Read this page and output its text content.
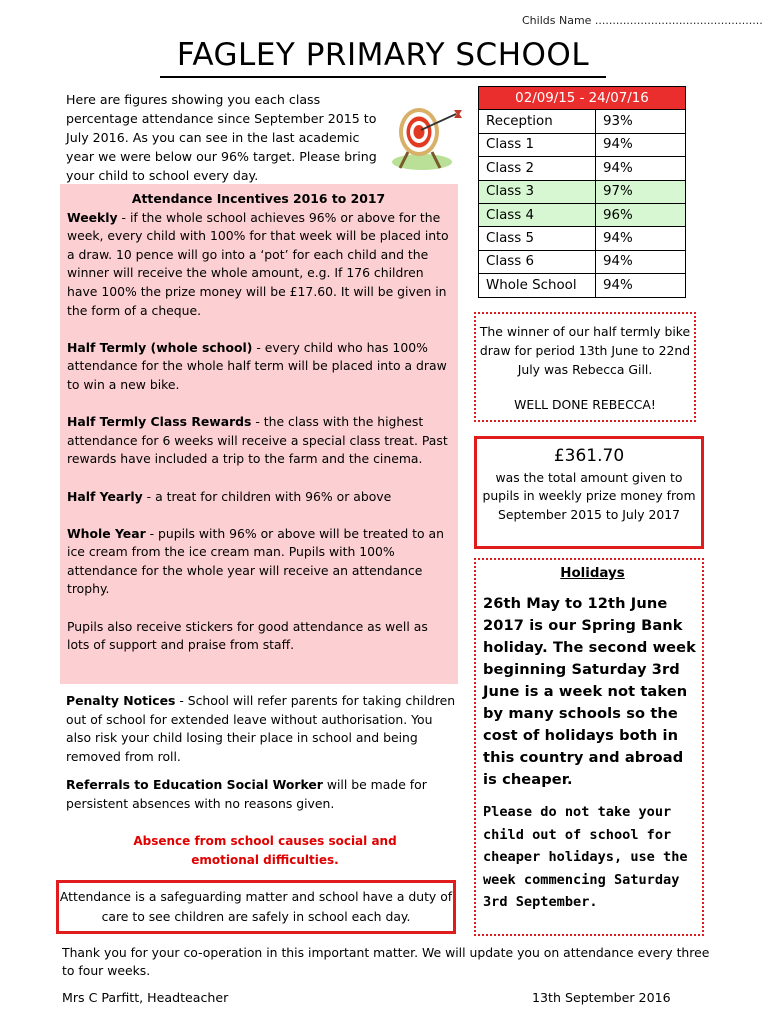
Childs Name ................................................
FAGLEY PRIMARY SCHOOL
Here are figures showing you each class percentage attendance since September 2015 to July 2016. As you can see in the last academic year we were below our 96% target. Please bring your child to school every day.

Attendance Incentives 2016 to 2017

Weekly - if the whole school achieves 96% or above for the week, every child with 100% for that week will be placed into a draw. 10 pence will go into a ‘pot’ for each child and the winner will receive the whole amount, e.g. If 176 children have 100% the prize money will be £17.60. It will be given in the form of a cheque.

Half Termly (whole school) - every child who has 100% attendance for the whole half term will be placed into a draw to win a new bike.

Half Termly Class Rewards - the class with the highest attendance for 6 weeks will receive a special class treat. Past rewards have included a trip to the farm and the cinema.

Half Yearly - a treat for children with 96% or above

Whole Year - pupils with 96% or above will be treated to an ice cream from the ice cream man. Pupils with 100% attendance for the whole year will receive an attendance trophy.

Pupils also receive stickers for good attendance as well as lots of support and praise from staff.

Penalty Notices - School will refer parents for taking children out of school for extended leave without authorisation. You also risk your child losing their place in school and being removed from roll.

Referrals to Education Social Worker will be made for persistent absences with no reasons given.

Absence from school causes social and emotional difficulties.
Attendance is a safeguarding matter and school have a duty of care to see children are safely in school each day.
02/09/15 - 24/07/16	
Reception	93%
Class 1	94%
Class 2	94%
Class 3	97%
Class 4	96%
Class 5	94%
Class 6	94%
Whole School	94%

The winner of our half termly bike draw for period 13th June to 22nd July was Rebecca Gill.

WELL DONE REBECCA!

£361.70
was the total amount given to pupils in weekly prize money from September 2015 to July 2017
Holidays
26th May to 12th June 2017 is our Spring Bank holiday. The second week beginning Saturday 3rd June is a week not taken by many schools so the cost of holidays both in this country and abroad is cheaper.
Please do not take your child out of school for cheaper holidays, use the week commencing Saturday 3rd September.
Thank you for your co-operation in this important matter. We will update you on attendance every three to four weeks.
Mrs C Parfitt, Headteacher	13th September 2016
